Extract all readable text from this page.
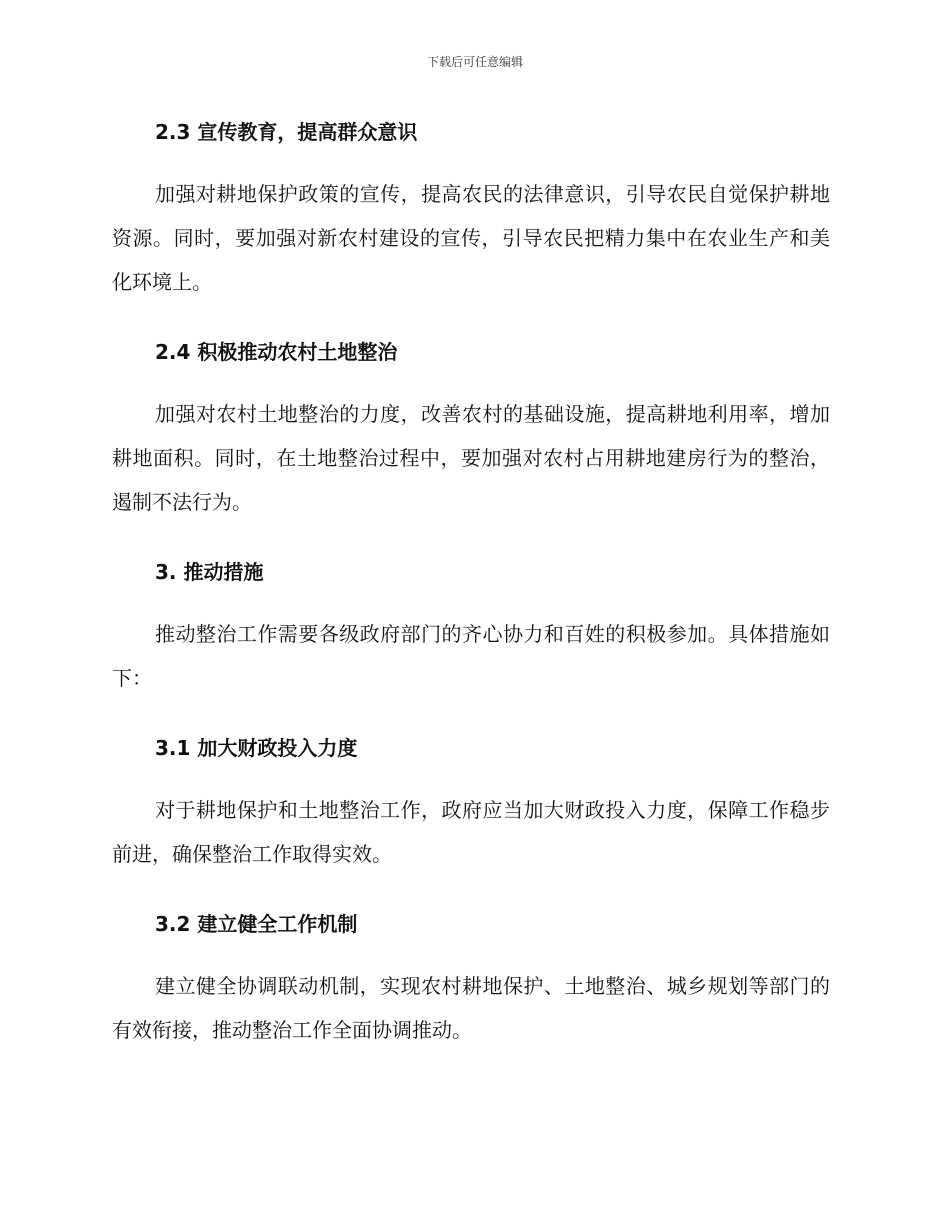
下载后可任意编辑
2.3 宣传教育，提高群众意识

加强对耕地保护政策的宣传，提高农民的法律意识，引导农民自觉保护耕地资源。同时，要加强对新农村建设的宣传，引导农民把精力集中在农业生产和美化环境上。

2.4 积极推动农村土地整治

加强对农村土地整治的力度，改善农村的基础设施，提高耕地利用率，增加耕地面积。同时，在土地整治过程中，要加强对农村占用耕地建房行为的整治，遏制不法行为。

3. 推动措施

推动整治工作需要各级政府部门的齐心协力和百姓的积极参加。具体措施如下：

3.1 加大财政投入力度

对于耕地保护和土地整治工作，政府应当加大财政投入力度，保障工作稳步前进，确保整治工作取得实效。

3.2 建立健全工作机制

建立健全协调联动机制，实现农村耕地保护、土地整治、城乡规划等部门的有效衔接，推动整治工作全面协调推动。
